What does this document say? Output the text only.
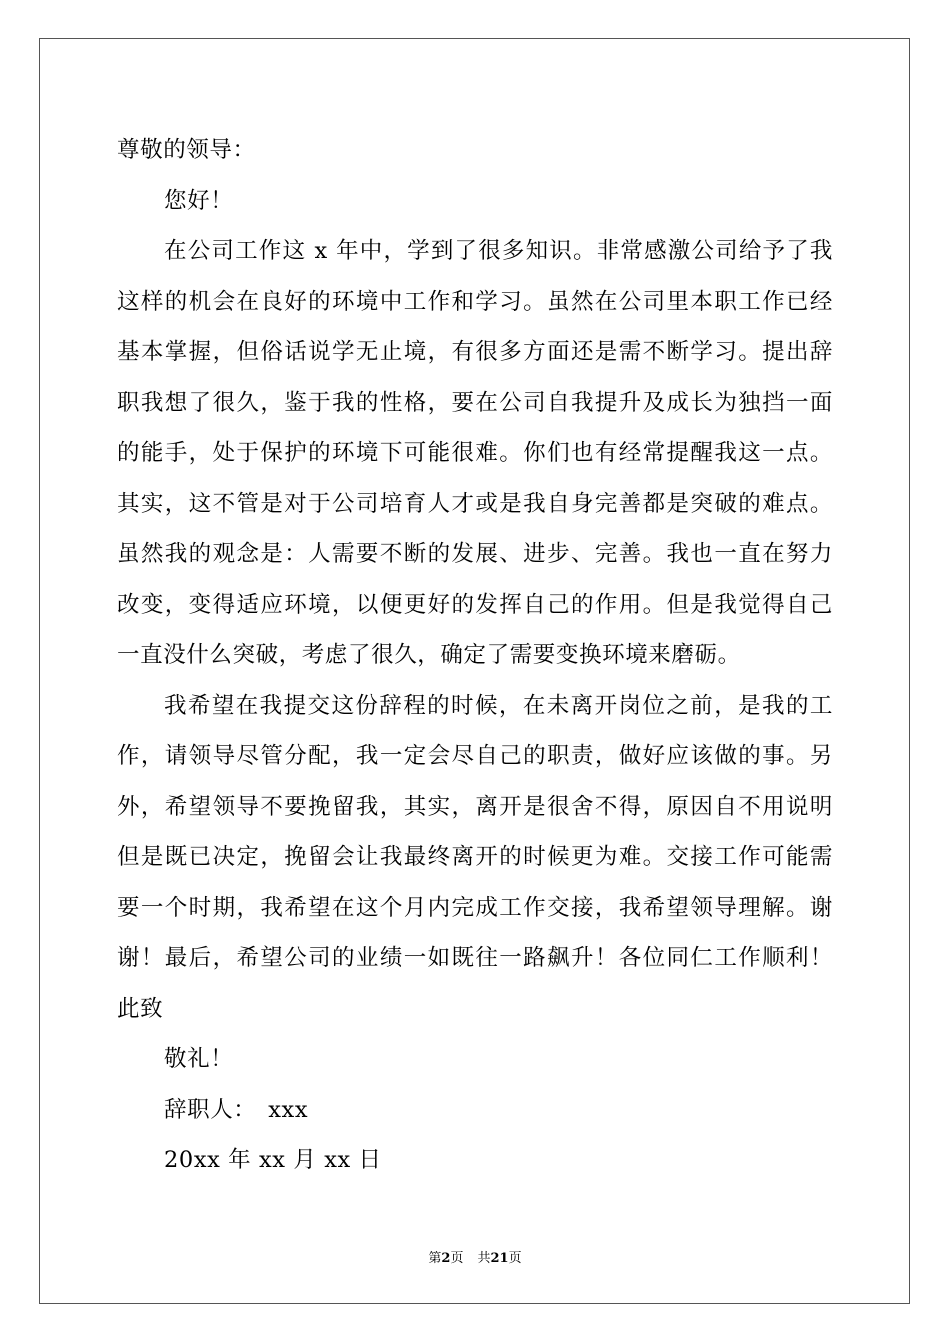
尊敬的领导：
您好！
在公司工作这 x 年中，学到了很多知识。非常感激公司给予了我
这样的机会在良好的环境中工作和学习。虽然在公司里本职工作已经
基本掌握，但俗话说学无止境，有很多方面还是需不断学习。提出辞
职我想了很久，鉴于我的性格，要在公司自我提升及成长为独挡一面
的能手，处于保护的环境下可能很难。你们也有经常提醒我这一点。
其实，这不管是对于公司培育人才或是我自身完善都是突破的难点。
虽然我的观念是：人需要不断的发展、进步、完善。我也一直在努力
改变，变得适应环境，以便更好的发挥自己的作用。但是我觉得自己
一直没什么突破，考虑了很久，确定了需要变换环境来磨砺。
我希望在我提交这份辞程的时候，在未离开岗位之前，是我的工
作，请领导尽管分配，我一定会尽自己的职责，做好应该做的事。另
外，希望领导不要挽留我，其实，离开是很舍不得，原因自不用说明
但是既已决定，挽留会让我最终离开的时候更为难。交接工作可能需
要一个时期，我希望在这个月内完成工作交接，我希望领导理解。谢
谢！最后，希望公司的业绩一如既往一路飙升！各位同仁工作顺利！
此致
敬礼！
辞职人：　xxx
20xx 年 xx 月 xx 日
第2页 共21页
